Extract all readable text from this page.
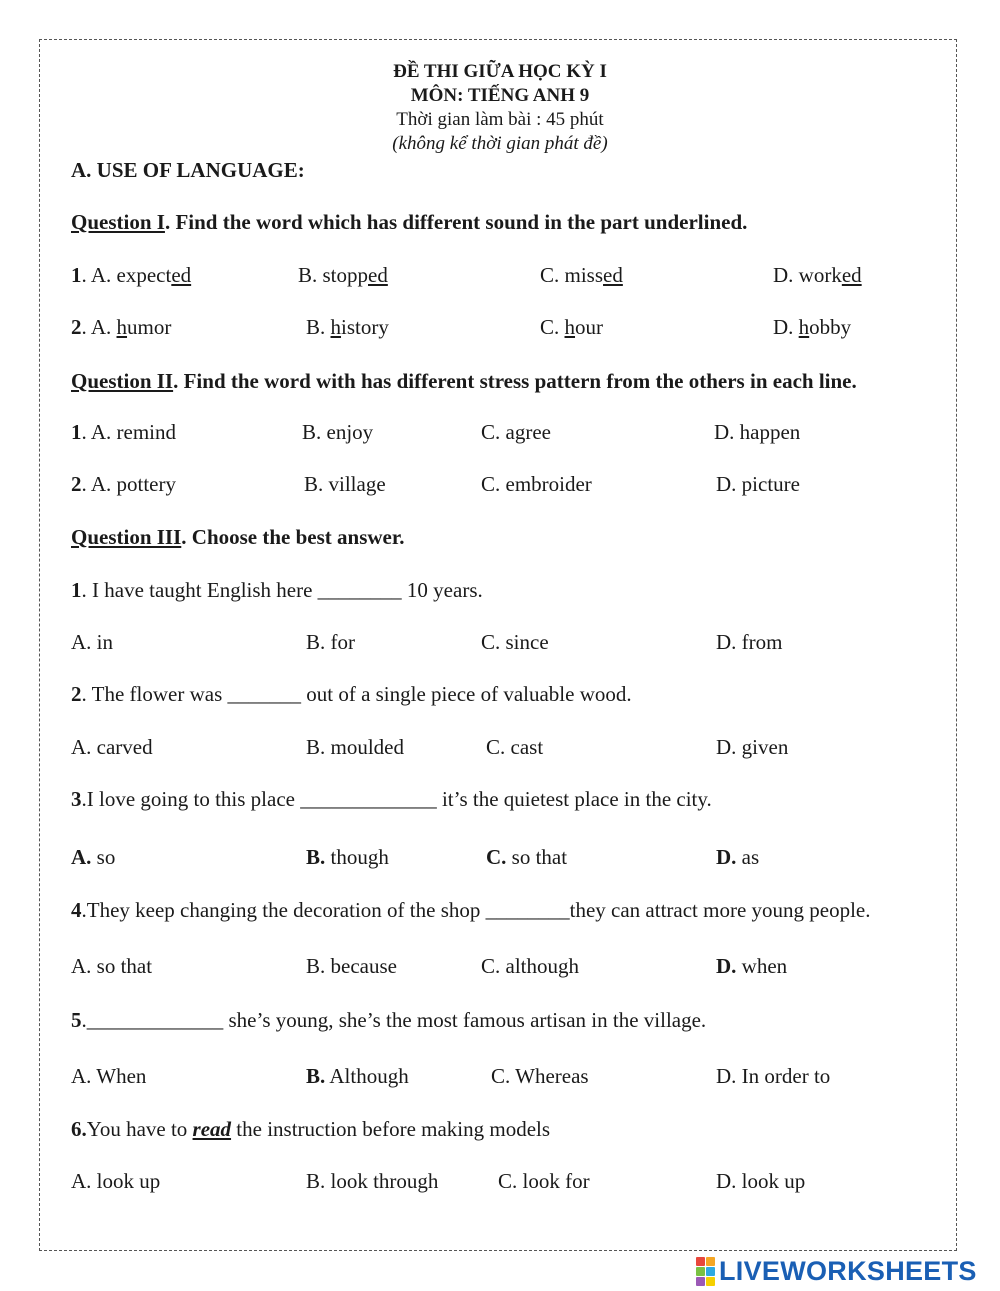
ĐỀ THI GIỮA HỌC KỲ I
MÔN: TIẾNG ANH 9
Thời gian làm bài : 45 phút
(không kể thời gian phát đề)
A. USE OF LANGUAGE:
Question I. Find the word which has different sound in the part underlined.
1. A. expected	B. stopped	C. missed	D. worked
2. A. humor	B. history	C. hour	D. hobby
Question II. Find the word with has different stress pattern from the others in each line.
1. A. remind	B. enjoy	C. agree	D. happen
2. A. pottery	B. village	C. embroider	D. picture
Question III. Choose the best answer.
1. I have taught English here ________ 10 years.
A. in	B. for	C. since	D. from
2. The flower was _______ out of a single piece of valuable wood.
A. carved	B. moulded	C. cast	D. given
3.I love going to this place _____________ it’s the quietest place in the city.
A. so	B. though	C. so that	D. as
4.They keep changing the decoration of the shop ________they can attract more young people.
A. so that	B. because	C. although	D. when
5._____________ she’s young, she’s the most famous artisan in the village.
A. When	B. Although	C. Whereas	D. In order to
6.You have to read the instruction before making models
A. look up	B. look through	C. look for	D. look up
LIVEWORKSHEETS
